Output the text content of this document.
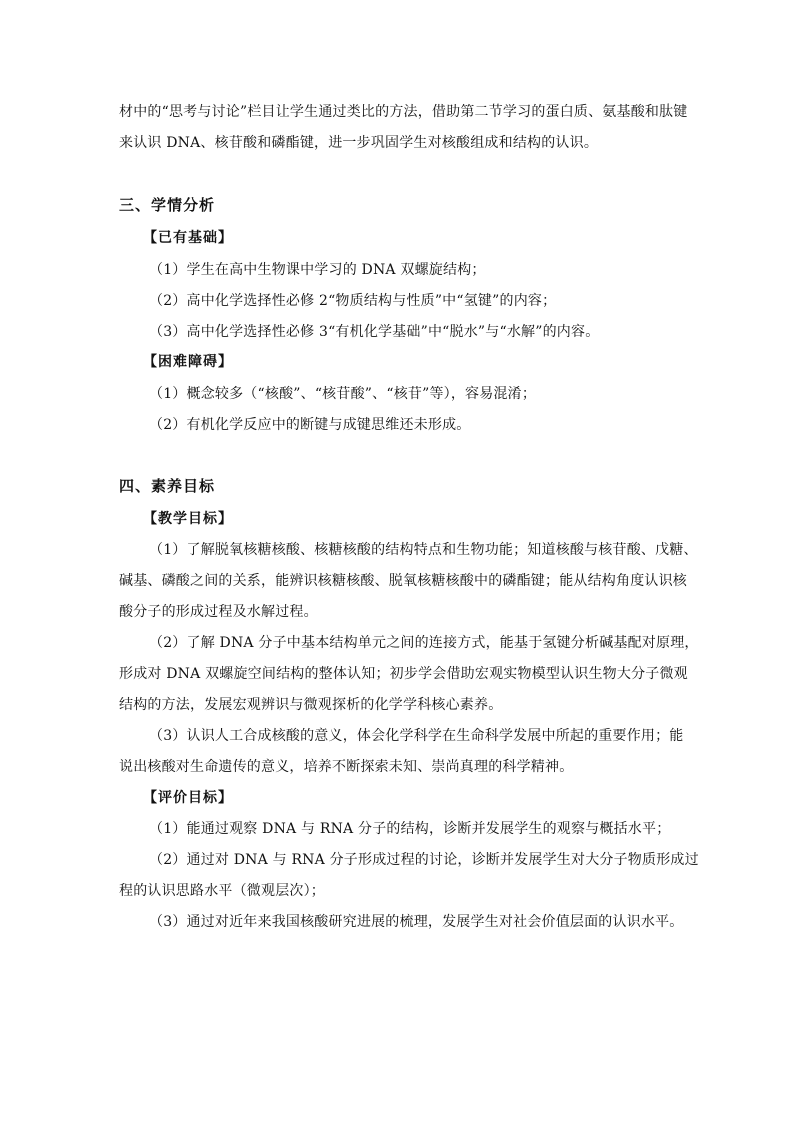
材中的“思考与讨论”栏目让学生通过类比的方法，借助第二节学习的蛋白质、氨基酸和肽键
来认识 DNA、核苷酸和磷酯键，进一步巩固学生对核酸组成和结构的认识。
三、学情分析
【已有基础】
（1）学生在高中生物课中学习的 DNA 双螺旋结构；
（2）高中化学选择性必修 2“物质结构与性质”中“氢键”的内容；
（3）高中化学选择性必修 3“有机化学基础”中“脱水”与“水解”的内容。
【困难障碍】
（1）概念较多（“核酸”、“核苷酸”、“核苷”等），容易混淆；
（2）有机化学反应中的断键与成键思维还未形成。
四、素养目标
【教学目标】
（1）了解脱氧核糖核酸、核糖核酸的结构特点和生物功能；知道核酸与核苷酸、戊糖、
碱基、磷酸之间的关系，能辨识核糖核酸、脱氧核糖核酸中的磷酯键；能从结构角度认识核
酸分子的形成过程及水解过程。
（2）了解 DNA 分子中基本结构单元之间的连接方式，能基于氢键分析碱基配对原理，
形成对 DNA 双螺旋空间结构的整体认知；初步学会借助宏观实物模型认识生物大分子微观
结构的方法，发展宏观辨识与微观探析的化学学科核心素养。
（3）认识人工合成核酸的意义，体会化学科学在生命科学发展中所起的重要作用；能
说出核酸对生命遗传的意义，培养不断探索未知、崇尚真理的科学精神。
【评价目标】
（1）能通过观察 DNA 与 RNA 分子的结构，诊断并发展学生的观察与概括水平；
（2）通过对 DNA 与 RNA 分子形成过程的讨论，诊断并发展学生对大分子物质形成过
程的认识思路水平（微观层次）；
（3）通过对近年来我国核酸研究进展的梳理，发展学生对社会价值层面的认识水平。
